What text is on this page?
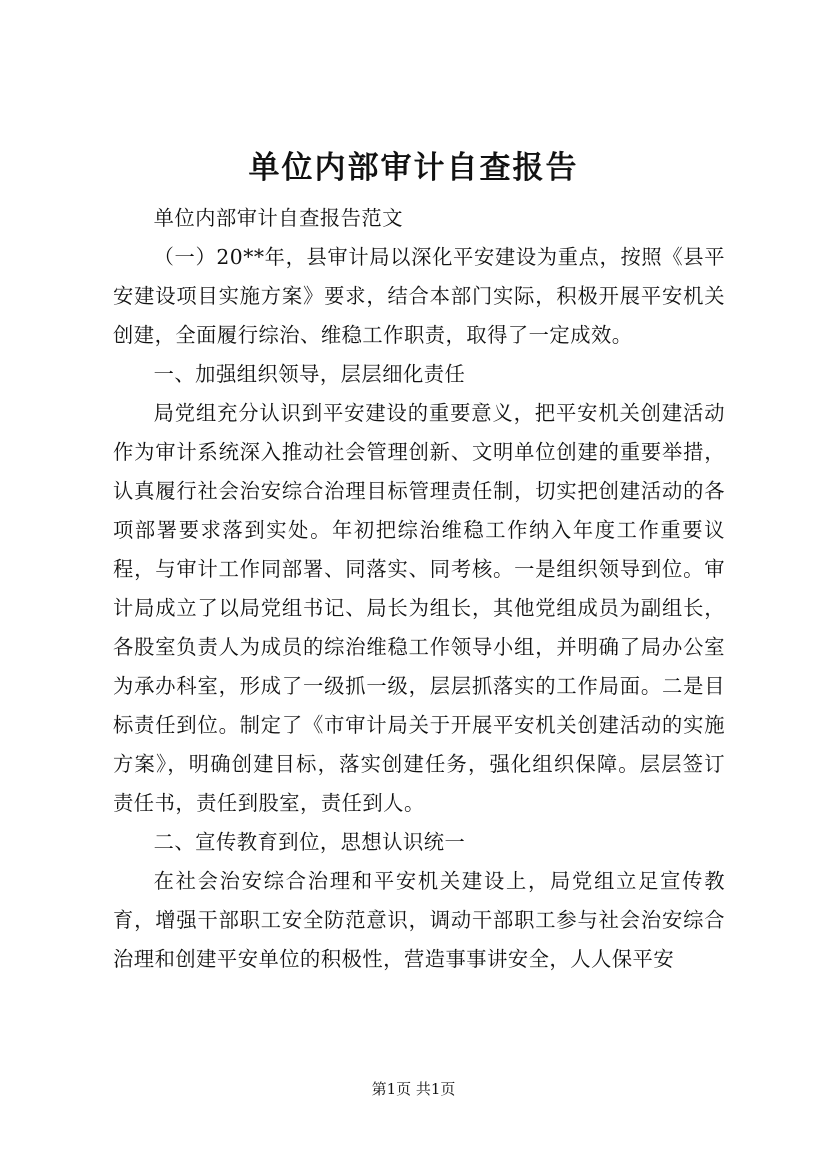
单位内部审计自查报告

单位内部审计自查报告范文

（一）20**年，县审计局以深化平安建设为重点，按照《县平安建设项目实施方案》要求，结合本部门实际，积极开展平安机关创建，全面履行综治、维稳工作职责，取得了一定成效。

一、加强组织领导，层层细化责任

局党组充分认识到平安建设的重要意义，把平安机关创建活动作为审计系统深入推动社会管理创新、文明单位创建的重要举措，认真履行社会治安综合治理目标管理责任制，切实把创建活动的各项部署要求落到实处。年初把综治维稳工作纳入年度工作重要议程，与审计工作同部署、同落实、同考核。一是组织领导到位。审计局成立了以局党组书记、局长为组长，其他党组成员为副组长，各股室负责人为成员的综治维稳工作领导小组，并明确了局办公室为承办科室，形成了一级抓一级，层层抓落实的工作局面。二是目标责任到位。制定了《市审计局关于开展平安机关创建活动的实施方案》，明确创建目标，落实创建任务，强化组织保障。层层签订责任书，责任到股室，责任到人。

二、宣传教育到位，思想认识统一

在社会治安综合治理和平安机关建设上，局党组立足宣传教育，增强干部职工安全防范意识，调动干部职工参与社会治安综合治理和创建平安单位的积极性，营造事事讲安全，人人保平安

第1页 共1页
